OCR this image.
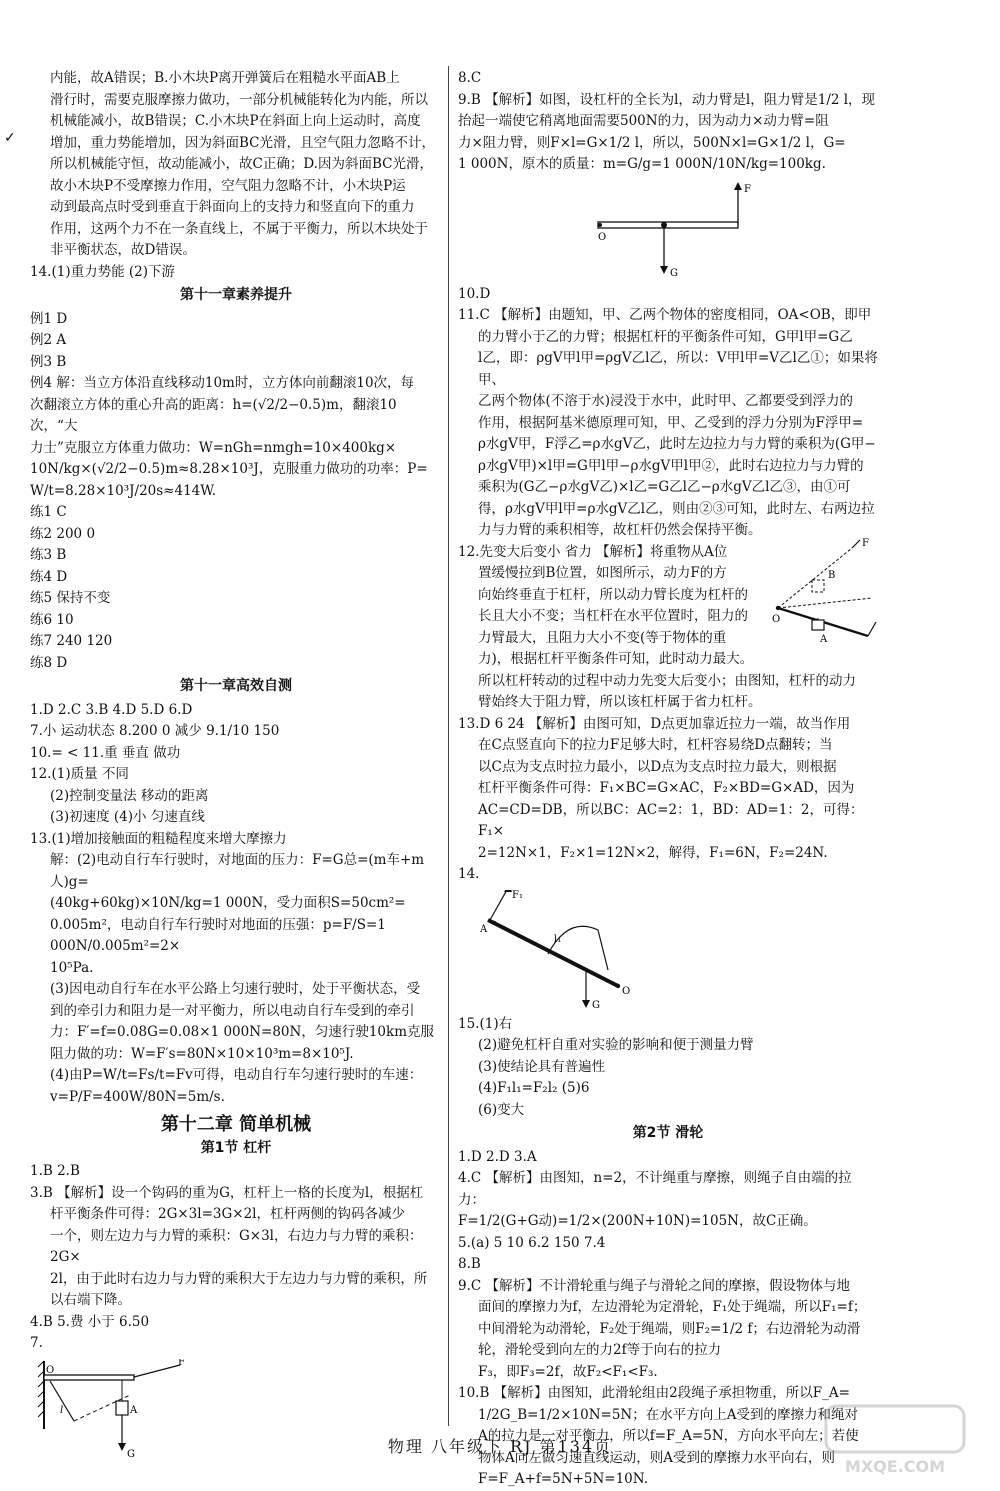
✓

内能，故A错误；B.小木块P离开弹簧后在粗糙水平面AB上

滑行时，需要克服摩擦力做功，一部分机械能转化为内能，所以

机械能减小，故B错误；C.小木块P在斜面上向上运动时，高度

增加，重力势能增加，因为斜面BC光滑，且空气阻力忽略不计，

所以机械能守恒，故动能减小，故C正确；D.因为斜面BC光滑，

故小木块P不受摩擦力作用，空气阻力忽略不计，小木块P运

动到最高点时受到垂直于斜面向上的支持力和竖直向下的重力

作用，这两个力不在一条直线上，不属于平衡力，所以木块处于

非平衡状态，故D错误。

14.(1)重力势能 (2)下游

第十一章素养提升

例1 D

例2 A

例3 B

例4 解：当立方体沿直线移动10m时，立方体向前翻滚10次，每

次翻滚立方体的重心升高的距离：h=(√2/2−0.5)m，翻滚10次，“大

力士”克服立方体重力做功：W=nGh=nmgh=10×400kg×

10N/kg×(√2/2−0.5)m≈8.28×10³J，克服重力做功的功率：P=

W/t=8.28×10³J/20s≈414W.

练1 C

练2 200 0

练3 B

练4 D

练5 保持不变

练6 10

练7 240 120

练8 D

第十一章高效自测

1.D 2.C 3.B 4.D 5.D 6.D

7.小 运动状态 8.200 0 减少 9.1/10 150

10.= < 11.重 垂直 做功

12.(1)质量 不同

(2)控制变量法 移动的距离

(3)初速度 (4)小 匀速直线

13.(1)增加接触面的粗糙程度来增大摩擦力

解：(2)电动自行车行驶时，对地面的压力：F=G总=(m车+m人)g=

(40kg+60kg)×10N/kg=1 000N，受力面积S=50cm²=

0.005m²，电动自行车行驶时对地面的压强：p=F/S=1 000N/0.005m²=2×

10⁵Pa.

(3)因电动自行车在水平公路上匀速行驶时，处于平衡状态，受

到的牵引力和阻力是一对平衡力，所以电动自行车受到的牵引

力：F′=f=0.08G=0.08×1 000N=80N，匀速行驶10km克服

阻力做的功：W=F′s=80N×10×10³m=8×10⁵J.

(4)由P=W/t=Fs/t=Fv可得，电动自行车匀速行驶时的车速：

v=P/F=400W/80N=5m/s.

第十二章 简单机械

第1节 杠杆

1.B 2.B

3.B 【解析】设一个钩码的重为G，杠杆上一格的长度为l，根据杠

杆平衡条件可得：2G×3l=3G×2l，杠杆两侧的钩码各减少

一个，则左边力与力臂的乘积：G×3l，右边力与力臂的乘积：2G×

2l，由于此时右边力与力臂的乘积大于左边力与力臂的乘积，所

以右端下降。

4.B 5.费 小于 6.50

7.

O
F
A
l
G

8.C

9.B 【解析】如图，设杠杆的全长为l，动力臂是l，阻力臂是1/2 l，现

抬起一端使它稍离地面需要500N的力，因为动力×动力臂=阻

力×阻力臂，则F×l=G×1/2 l，所以，500N×l=G×1/2 l，G=

1 000N，原木的质量：m=G/g=1 000N/10N/kg=100kg.

F
O
G

10.D

11.C 【解析】由题知，甲、乙两个物体的密度相同，OA<OB，即甲

的力臂小于乙的力臂；根据杠杆的平衡条件可知，G甲l甲=G乙

l乙，即：ρgV甲l甲=ρgV乙l乙，所以：V甲l甲=V乙l乙①；如果将甲、

乙两个物体(不溶于水)浸没于水中，此时甲、乙都要受到浮力的

作用，根据阿基米德原理可知，甲、乙受到的浮力分别为F浮甲=

ρ水gV甲，F浮乙=ρ水gV乙，此时左边拉力与力臂的乘积为(G甲−

ρ水gV甲)×l甲=G甲l甲−ρ水gV甲l甲②，此时右边拉力与力臂的

乘积为(G乙−ρ水gV乙)×l乙=G乙l乙−ρ水gV乙l乙③，由①可

得，ρ水gV甲l甲=ρ水gV乙l乙，则由②③可知，此时左、右两边拉

力与力臂的乘积相等，故杠杆仍然会保持平衡。

O
F
A
B

12.先变大后变小 省力 【解析】将重物从A位

置缓慢拉到B位置，如图所示，动力F的方

向始终垂直于杠杆，所以动力臂长度为杠杆的

长且大小不变；当杠杆在水平位置时，阻力的

力臂最大，且阻力大小不变(等于物体的重

力)，根据杠杆平衡条件可知，此时动力最大。

所以杠杆转动的过程中动力先变大后变小；由图知，杠杆的动力

臂始终大于阻力臂，所以该杠杆属于省力杠杆。

13.D 6 24 【解析】由图可知，D点更加靠近拉力一端，故当作用

在C点竖直向下的拉力F足够大时，杠杆容易绕D点翻转；当

以C点为支点时拉力最小，以D点为支点时拉力最大，则根据

杠杆平衡条件可得：F₁×BC=G×AC，F₂×BD=G×AD，因为

AC=CD=DB，所以BC：AC=2：1，BD：AD=1：2，可得：F₁×

2=12N×1，F₂×1=12N×2，解得，F₁=6N，F₂=24N.

14.

F₁
l₁
A
O
G

15.(1)右

(2)避免杠杆自重对实验的影响和便于测量力臂

(3)使结论具有普遍性

(4)F₁l₁=F₂l₂ (5)6

(6)变大

第2节 滑轮

1.D 2.D 3.A

4.C 【解析】由图知，n=2，不计绳重与摩擦，则绳子自由端的拉力：

F=1/2(G+G动)=1/2×(200N+10N)=105N，故C正确。

5.(a) 5 10 6.2 150 7.4

8.B

9.C 【解析】不计滑轮重与绳子与滑轮之间的摩擦，假设物体与地

面间的摩擦力为f，左边滑轮为定滑轮，F₁处于绳端，所以F₁=f；

中间滑轮为动滑轮，F₂处于绳端，则F₂=1/2 f；右边滑轮为动滑

轮，滑轮受到向左的力2f等于向右的拉力

F₃，即F₃=2f，故F₂<F₁<F₃.

10.B 【解析】由图知，此滑轮组由2段绳子承担物重，所以F_A=

1/2G_B=1/2×10N=5N；在水平方向上A受到的摩擦力和绳对

A的拉力是一对平衡力，所以f=F_A=5N，方向水平向左；若使

物体A向左做匀速直线运动，则A受到的摩擦力水平向右，则

F=F_A+f=5N+5N=10N.

物理 八年级下 RJ 第134页
MXQE.COM
